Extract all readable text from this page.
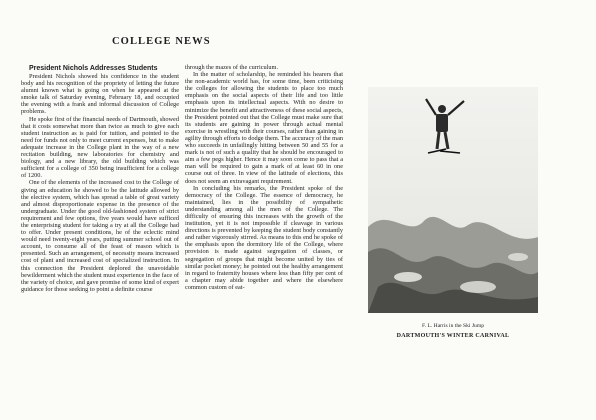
COLLEGE NEWS

President Nichols Addresses Students

President Nichols showed his confidence in the student body and his recognition of the propriety of letting the future alumni known what is going on when he appeared at the smoke talk of Saturday evening, February 18, and occupied the evening with a frank and informal discussion of College problems.

He spoke first of the financial needs of Dartmouth, showed that it costs somewhat more than twice as much to give each student instruction as is paid for tuition, and pointed to the need for funds not only to meet current expenses, but to make adequate increase in the College plant in the way of a new recitation building, new laboratories for chemistry and biology, and a new library, the old building which was sufficient for a college of 350 being insufficient for a college of 1200.

One of the elements of the increased cost to the College of giving an education he showed to be the latitude allowed by the elective system, which has spread a table of great variety and almost disproportionate expense in the presence of the undergraduate. Under the good old-fashioned system of strict requirement and few options, five years would have sufficed the enterprising student for taking a try at all the College had to offer. Under present conditions, he of the eclectic mind would need twenty-eight years, putting summer school out of account, to consume all of the feast of reason which is presented. Such an arrangement, of necessity means increased cost of plant and increased cost of specialized instruction. In this connection the President deplored the unavoidable bewilderment which the student must experience in the face of the variety of choice, and gave promise of some kind of expert guidance for those seeking to point a definite course

through the mazes of the curriculum.

In the matter of scholarship, he reminded his hearers that the non-academic world has, for some time, been criticising the colleges for allowing the students to place too much emphasis on the social aspects of their life and too little emphasis upon its intellectual aspects. With no desire to minimize the benefit and attractiveness of these social aspects, the President pointed out that the College must make sure that its students are gaining in power through actual mental exercise in wrestling with their courses, rather than gaining in agility through efforts to dodge them. The accuracy of the man who succeeds in unfailingly hitting between 50 and 55 for a mark is not of such a quality that he should be encouraged to aim a few pegs higher. Hence it may soon come to pass that a man will be required to gain a mark of at least 60 in one course out of three. In view of the latitude of elections, this does not seem an extravagant requirement.

In concluding his remarks, the President spoke of the democracy of the College. The essence of democracy, he maintained, lies in the possibility of sympathetic understanding among all the men of the College. The difficulty of ensuring this increases with the growth of the institution, yet it is not impossible if cleavage in various directions is prevented by keeping the student body constantly and rather vigorously stirred. As means to this end he spoke of the emphasis upon the dormitory life of the College, where provision is made against segregation of classes, or segregation of groups that might become united by ties of similar pocket money; he pointed out the healthy arrangement in regard to fraternity houses where less than fifty per cent of a chapter may abide together and where the elsewhere common custom of eat-

F. L. Harris in the Ski Jump
DARTMOUTH'S WINTER CARNIVAL
